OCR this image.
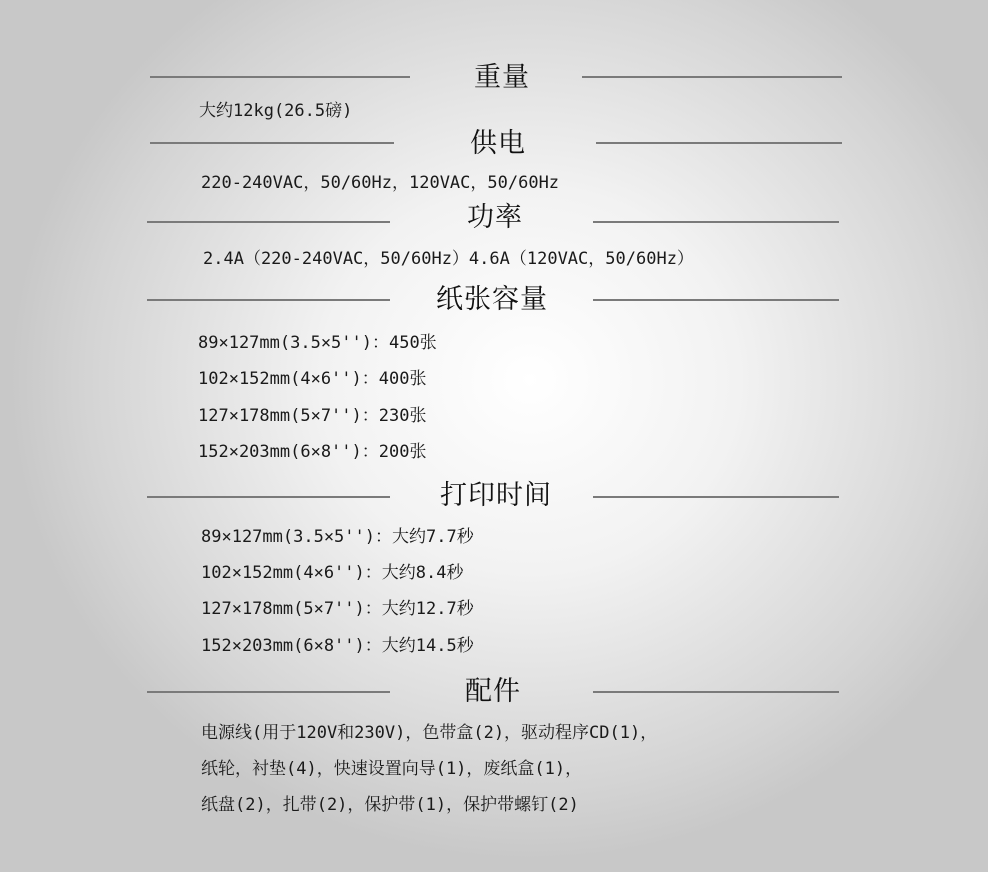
重量
大约12kg(26.5磅)
供电
220-240VAC，50/60Hz，120VAC，50/60Hz
功率
2.4A（220-240VAC，50/60Hz）4.6A（120VAC，50/60Hz）
纸张容量
89×127mm(3.5×5'')：450张
102×152mm(4×6'')：400张
127×178mm(5×7'')：230张
152×203mm(6×8'')：200张
打印时间
89×127mm(3.5×5'')：大约7.7秒
102×152mm(4×6'')：大约8.4秒
127×178mm(5×7'')：大约12.7秒
152×203mm(6×8'')：大约14.5秒
配件
电源线(用于120V和230V)，色带盒(2)，驱动程序CD(1)，
纸轮，衬垫(4)，快速设置向导(1)，废纸盒(1)，
纸盘(2)，扎带(2)，保护带(1)，保护带螺钉(2)
